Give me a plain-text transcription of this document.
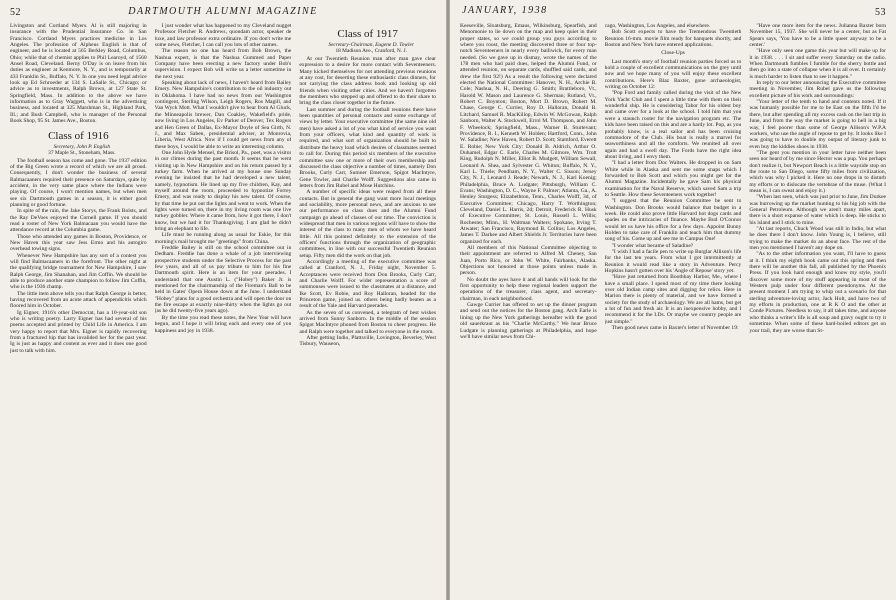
52	DARTMOUTH ALUMNI MAGAZINE

Livingston and Cortland Myers. Al is still majoring in insurance with the Prudential Insurance Co. in San Francisco. Cortland Myers practices medicine in Los Angeles. The profession of Alpheus English is that of engineer, and he is located at 565 Berkley Road, Columbus, Ohio; while that of chemist applies to Phil Learoyd, of 1560 Ansel Road, Cleveland. Berny O'Day is on leave from his duties as engineer at Kenmore, N. Y., and is temporarily at 433 Franklin St., Buffalo, N. Y. In one you need legal advice look up Ed Schroeder at 134 S. LaSalle St., Chicago; or advice as to investments, Ralph Brown, at 127 State St. Springfield, Mass. In addition to the above we have information as to Gray Waggett, who is in the advertising business, and located at 325 Marshman St., Highland Park, Ill.; and Bush Campbell, who is manager of the Personal Book Shop, 95 St. James Ave., Boston.

Class of 1916

Secretary, John P. English

37 Maple St., Stoneham, Mass.

The football season has come and gone. The 1937 edition of the Big Green wrote a record of which we are all proud. Consequently, I don't wonder the business of several Balmacaaners required their presence on Saturdays, quite by accident, in the very same place where the Indians were playing. Of course, I won't mention names, but when men see six Dartmouth games in a season, it is either good planning or good fortune.

In spite of the rain, the Jake Storys, the Frank Bolsts, and the Ray DeVoes enjoyed the Cornell game. If you should read a roster of New York Balmacaan you would have the attendance record at the Columbia game.

Those who attended any games in Boston, Providence, or New Haven this year saw Jess Ermo and his autogiro overhead towing signs.

Whenever New Hampshire has any sort of a contest you will find Balmacaaners in the forefront. The other night at the qualifying bridge tournament for New Hampshire, I saw Ralph George, Jim Shanahan, and Jim Coffin. We should be able to produce another state champion to follow Jim Coffin, who is the 1936 champ.

The little item above tells you that Ralph George is better, having recovered from an acute attack of appendicitis which floored him in October.

Ig Eigner, 1916's other Democrat, has a 10-year-old son who is writing poetry. Larry Eigner has had several of his poems accepted and printed by Child Life in America. I am very happy to report that Mrs. Eigner is rapidly recovering from a fractured hip that has invalided her for the past year. Ig is just as happy and content as ever and it does one good just to talk with him.

I just wonder what has happened to my Cleveland nugget Professor Fletcher R. Andrews, quondam actor, speaker de luxe, and law professor extra ordinaire. If you don't write me some news, Fletcher, I can call you lots of other names.

The reason no one has heard from Bob Brown, the Nashua expert, is that the Nashua Gummed and Paper Company have been erecting a new factory under Bob's supervision. I expect Bob will write us a letter sometime in the next year.

Speaking about lack of news, I haven't heard from Bailey Emery. New Hampshire's contribution to the oil industry out in Oklahoma. I have had no news from our Washington contingent, Sterling Wilson, Leigh Rogers, Ros Magill, and Van Wyck Mott. What I wouldn't give to hear from Al Gluck, the Minneapolis brewer, Dan Coakley, Wakefield's pride, now living in Los Angeles, Ev Parker of Denver, Tex Rogers and Hen Green of Dallas, Ex-Mayor Doyle of Sea Girth, N. J., and Max Saben, presidential adviser, at Monrovia, Liberia, West Africa. Now if I could get news from any of these boys, I would be able to write an interesting column.

One John Hyde Mensel, the Brisol, Pa., poet, was a visitor in our climes during the past month. It seems that he went visiting up in New Hampshire and on his return passed by a turkey farm. When he arrived at my house one Sunday evening he insisted that he had developed a new talent, namely, hypnotism. He lined up my five children, Kay, and myself around the room, proceeded to hypnotize Forrey Emery, and was ready to display his new talent. Of course, by that time he put out the lights and went to work. When the lights were turned on, there in my living room was one live turkey gobbler. Where it came from, how it got there, I don't know, but we had it for Thanksgiving. I am glad he didn't bring an elephant to life.

Life must be running along as usual for Eskie, for this morning's mail brought me "greetings" from China.

Freddie Bailey is still on the school committee out in Dedham. Freddie has done a whale of a job interviewing prospective students under the Selective Process for the past few years, and all of us pay tribute to him for his fine Dartmouth spirit. Here is an item for your peerades. I understand that one Austin L. ("Hobey") Baker Jr. is mentioned for the chairmanship of the Fireman's Ball to be held in Gates' Opera House down at the June. I understand "Hobey" plans for a good orchestra and will open the door on the fire escape at exactly nine-thirty when the lights go out (as he did twenty-five years ago).

By the time you read these notes, the New Year will have begun, and I hope it will bring each and every one of you happiness and joy in 1938.

Class of 1917

Secretary-Chairman, Eugene D. Towler

18 Madison Ave., Cranford, N. J.

At our Twentieth Reunion man after man gave clear expression to a desire for more contact with Seventeeners. Many kicked themselves for not attending previous reunions at any cost, for deserting these enthusiastic class dinners, for not carrying the class address book and looking up old friends when visiting other cities. And we haven't forgotten the members who stepped up and offered to do their share to bring the class closer together in the future.

Last summer and during the football reunions there have been quantities of personal contacts and some exchange of views by letter. Your executive committee (the same nine old men) have asked a lot of you what kind of service you want from your officers, what kind and quantity of work is required, and what sort of organization should be built to distribute the heavy load which desires of classmates seemed to call for. During this period six members of the executive committee saw one or more of their own membership and discussed the class objective a number of times, namely Don Brooks, Curly Carr, Sumner Emerson, Spigot MacIntyre, Gene Towler, and Charlie Wolff. Suggestions also came in letters from Jim Rubel and Mose Hutchins.

A number of specific ideas were reaped from all these contacts. But in general the gang want more local meetings and sociability, more personal news, and are anxious to see our performance on class dues and the Alumni Fund campaign go ahead of classes of our time. The conviction is widespread that men in various regions will have to show the interest of the class to many men of whom we have heard little. All this pointed definitely to the extension of the officers' functions through the organization of geographic committees, in line with our successful Twentieth Reunion setup. Fifty men did the work on that job.

Accordingly a meeting of the executive committee was called at Cranford, N. J., Friday night, November 5. Acceptances were received from Don Brooks, Curly Carr, and Charlie Wolff. For wider representation a score of summonses were issued to the classmates at a distance, and Ike Scott, Ev Robie, and Roy Halloran, headed for the Princeton game, joined us. others being badly beaten as a result of the Yale and Harvard peerades.

As the seven of us convened, a telegram of best wishes arrived from Sunny Sanborn. In the middle of the session Spigot MacIntyre phoned from Boston to cheer progress. He and Ralph were together and talked to everyone in the room.

After getting Indio, Plattsville, Lovington, Beverley, West Tisbury, Wauseon,

JANUARY, 1938	53

Keeseville, Sloatsburg, Emaus, Wilkinsburg, Spearfish, and Menomonie to lie down on the map and keep quiet in their proper states, so we could group you guys according to where you roost, the meeting discovered three or four top-notch Seventeeners in nearly every bailiwick, for every man needed. (So we gave up in dismay, wrote the names of the 178 men who had paid dues, helped the Alumni Fund, or attended reunion, on separate cards, shuffled said cards, and drew the first 92!) As a result the following were declared elected the National Committee: Hanover, N. H., Archie B. Cole; Nashua, N. H., Deering G. Smith; Brattleboro, Vt., Harold W. Mason and Laurence G. Sherman; Rutland, Vt., Robert C. Boynton; Boston, Mort D. Brown, Robert M. Chase, George C. Currier, Roy D. Halloran, Donald B. Litchard, Samuel R. MacKillop, Edwin W. McGowan, Ralph Sanborn, Walter A. Stockwell, Errol M. Thompson, and John F. Wheelock; Springfield, Mass., Warner B. Sturtevant; Providence, R. I., Kenneth W. Holden; Hartford, Conn., John W. Saladine; New Haven, Robert D. Scott; Stamford, Everett E. Robie; New York City: Donald B. Aldrich, Arthur O. Duhamel, Edgar C. Earle, Charles M. Gilmore, Wm. Trott King, Rudolph N. Miller, Elliot B. Mudgett, William Sewall, Leonard A. Shea, and Sylvester G. Whiton; Buffalo, N. Y., Karl L. Thiele; Pendham, N. Y., Walter C. Sisson; Jersey City, N. J., Leonard J. Reade; Newark, N. J., Karl Koenig; Philadelphia, Bruce A. Ludgate; Pittsburgh, William C. Evans; Washington, D. C., Wayne F. Palmer; Atlanta, Ga., A. Henley Sturgess; Elizabethton, Tenn., Charles Wolff, 3d, of Executive Committee; Chicago, Harry T. Worthington; Cleveland, Daniel L. Harris, 2d; Detroit, Frederick R. Husk of Executive Committee; St. Louis, Russell L. Willis; Rochester, Minn., H. Waltman Walters; Spokane, Irving T. Atwater; San Francisco, Raymond B. Collins; Los Angeles, James T. Darkee and Albert Shields Jr. Territories have been organized for each.

All members of this National Committee objecting to their appointment are referred to Alfred M. Cheney, San Juan, Porto Rico, or John W. White, Fairbanks, Alaska. Objections not honored at those points unless made in person.

No doubt the ayes have it and all hands will look for the first opportunity to help these regional leaders support the operations of the treasurer, class agent, and secretary-chairman, in each neighborhood.

Gawge Currier has offered to set up the dinner program and send out the notices for the Boston gang. Arch Earle is lining up the New York gatherings hereafter with the good old sauerkraut as his "Charlie McCarthy." We hear Bruce Ludgate is planning gatherings at Philadelphia, and hope we'll have similar news from Chi-

cago, Washington, Los Angeles, and elsewhere.

Bob Scott expects to have the Tremendous Twentieth Reunion 16-mm. movie film ready for banquets shortly, and Boston and New York have entered applications.

Close-Ups

Last month's story of football reunion parties forced us to hold a couple of excellent communications on the grey until now and we hope many of you will enjoy these excellent contributions. Here's Blaz Baxter, gone archaeologist, writing on October 12:

"Pop Ford and family called during the visit of the New York Yacht Club and I spent a little time with them on their wonderful ship. He is considering Tabor for his oldest boy and came over for a look at the school. I told him that you were a staunch rooter for the navigation program etc. The kids have been raised on this and are a hardy lot. Pop, as you probably know, is a real sailor and has been cruising commodore of the Club. His boat is really a marvel for seaworthiness and all the comforts. We reunited all over again and had a swell day. The Fords have the right idea about living, and I envy them.

"I had a letter from Doc Walters. He dropped in on Sam White while in Alaska and sent me some snaps which I forwarded to Bob Scott and which you might get for the Alumni Magazine. Incidentally he gave Sam his physical examination for the Naval Reserve, which saved Sam a trip to Seattle. How these Seventeeners work together!

"I suggest that the Reunion Committee be sent to Washington. Don Brooks would balance that budget in a week. He could also prove little Harvard hot dogs cards and spades on the intricacies of finance. Maybe Bud O'Connor would let us have his office for a few days. Appoint Bunny Holden to take care of Franklin and teach him that dummy song of his. Come up and see me in Campus One!

"I wonder what became of Saladine?

"I wish I had a facile pen to write up Burglar Allison's life for the last ten years. From what I got intermittently at Reunion it would read like a story in Adventure. Percy Hopkins hasn't gotten over his 'Angle of Repose' story yet.

"Have just returned from Boothbay Harbor, Me., where I have a small place. I spend most of my time there looking over old Indian camp sites and digging for relics. Here in Marion there is plenty of material, and we have formed a society for the study of archaeology. We are all hams, but get a lot of fun and fresh air. It is an inexpensive hobby, and I recommend it for the I.Ds. Or maybe we country people are just simple."

Then good news came in Baxter's letter of November 19:

"Have one more item for the news. Julianna Baxter born November 15, 1937. She will never be a center, but as Fat Spears says, 'You have to be a little queer anyway to be a center.'

"Have only seen one game this year but will make up for it in 1938. . . . I sit and suffer every Saturday on the radio. When Dartmouth fumbles I fumble for the sherry bottle and then go into a state of collapse when it is all over. It certainly is much harder to listen than to see it happen."

In reply to our letter announcing the Executive committee meeting in November, Jim Rubel gave us the following excellent picture of his work and surroundings:

"Your letter of the tenth to hand and contents noted. If it was humanly possible for me to be East on the fifth I'd be there, but after spending all my excess cash on the last trip in June, and from the way the market is going to hell in a big way, I feel poorer than some of George Allison's W.P.A workers, who use the angle of repose to get by. It looks like I was going to have to double my output of literary junk to even buy the kiddies shoes in 1938.

"The gent you mention in your letter have neither been seen nor heard of by me since Hector was a pup. You perhaps don't realize it, but Newport Beach is a little wayside stop on the route to San Diego, some fifty miles from civilization, which was why I picked it. Here no one drops in to disturb my efforts or to dislocate the vertebrae of the muse. (What I mean is, I can sweat and enjoy it.)

"When last seen, which was just prior to June, Jim Durkee was burrowing up the market hunting to his big job with the General Petroleum. Although we aren't many miles apart, there is a short expanse of water which is deep. He sticks to his island and I stick to mine.

"At last reports, Chuck Wood was still in Indio, but what he does there I don't know. John Young is, I believe, still trying to make the market do an about face. The rest of the men you mentioned I haven't any dope on.

"As to the other information you want, I'll have to guess at it. I think my eighth book came out this spring and then there will be another this fall, all published by the Phoenix Press. If you look hard enough and know my style, you'll discover some more of my stuff appearing in most of the Western pulp under four different pseudonyms. At the present moment I am trying to whip out a scenario for that sterling adventure-loving actor, Jack Holt, and have two of my efforts in production, one at R K O and the other at Conde Pictures. Needless to say, it all takes time, and anyone who thinks a writer's life is all soup and gravy ought to try it sometime. When some of these hard-boiled editors get on your trail, they are worse than St-
